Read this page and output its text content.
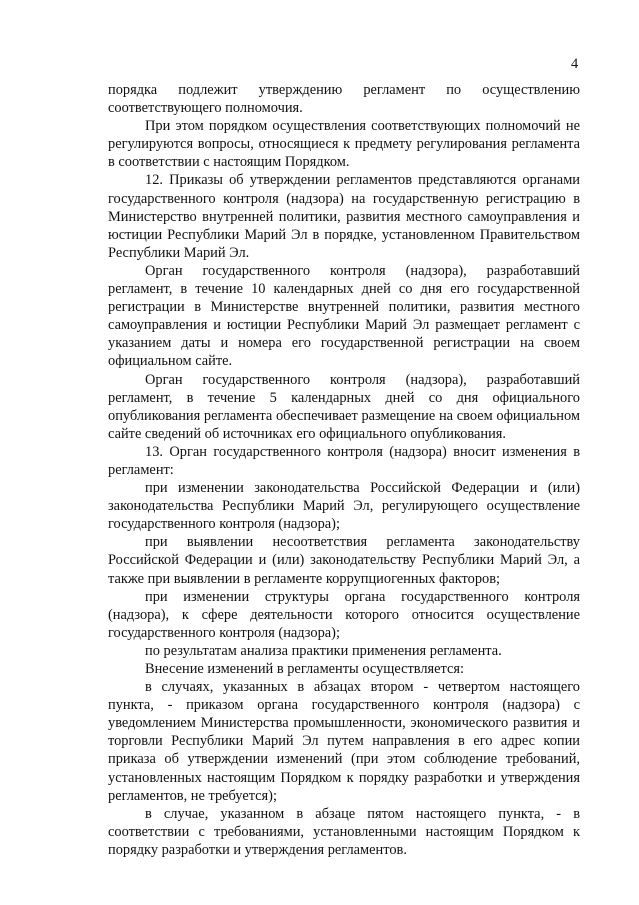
4

порядка подлежит утверждению регламент по осуществлению соответствующего полномочия.

При этом порядком осуществления соответствующих полномочий не регулируются вопросы, относящиеся к предмету регулирования регламента в соответствии с настоящим Порядком.

12. Приказы об утверждении регламентов представляются органами государственного контроля (надзора) на государственную регистрацию в Министерство внутренней политики, развития местного самоуправления и юстиции Республики Марий Эл в порядке, установленном Правительством Республики Марий Эл.

Орган государственного контроля (надзора), разработавший регламент, в течение 10 календарных дней со дня его государственной регистрации в Министерстве внутренней политики, развития местного самоуправления и юстиции Республики Марий Эл размещает регламент с указанием даты и номера его государственной регистрации на своем официальном сайте.

Орган государственного контроля (надзора), разработавший регламент, в течение 5 календарных дней со дня официального опубликования регламента обеспечивает размещение на своем официальном сайте сведений об источниках его официального опубликования.

13. Орган государственного контроля (надзора) вносит изменения в регламент:

при изменении законодательства Российской Федерации и (или) законодательства Республики Марий Эл, регулирующего осуществление государственного контроля (надзора);

при выявлении несоответствия регламента законодательству Российской Федерации и (или) законодательству Республики Марий Эл, а также при выявлении в регламенте коррупциогенных факторов;

при изменении структуры органа государственного контроля (надзора), к сфере деятельности которого относится осуществление государственного контроля (надзора);

по результатам анализа практики применения регламента.

Внесение изменений в регламенты осуществляется:

в случаях, указанных в абзацах втором - четвертом настоящего пункта, - приказом органа государственного контроля (надзора) с уведомлением Министерства промышленности, экономического развития и торговли Республики Марий Эл путем направления в его адрес копии приказа об утверждении изменений (при этом соблюдение требований, установленных настоящим Порядком к порядку разработки и утверждения регламентов, не требуется);

в случае, указанном в абзаце пятом настоящего пункта, - в соответствии с требованиями, установленными настоящим Порядком к порядку разработки и утверждения регламентов.
